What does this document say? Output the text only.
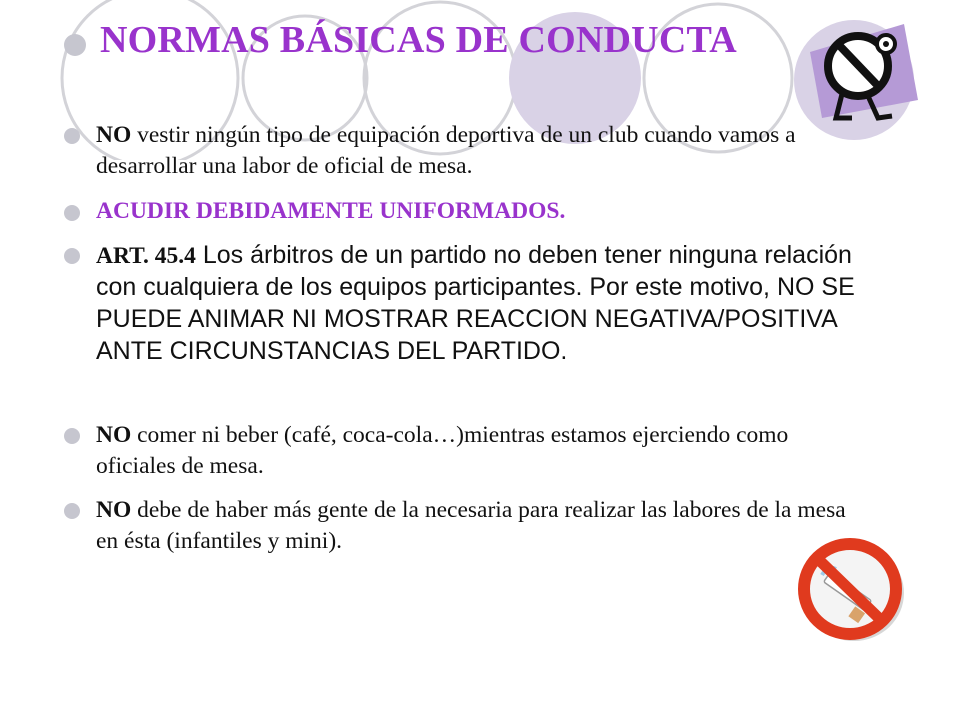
NORMAS BÁSICAS DE CONDUCTA
NO vestir ningún tipo de equipación deportiva de un club cuando vamos a desarrollar una labor de oficial de mesa.
ACUDIR DEBIDAMENTE UNIFORMADOS.
ART. 45.4 Los árbitros de un partido no deben tener ninguna relación con cualquiera de los equipos participantes. Por este motivo, NO SE PUEDE ANIMAR NI MOSTRAR REACCION NEGATIVA/POSITIVA ANTE CIRCUNSTANCIAS DEL PARTIDO.
NO comer ni beber (café, coca-cola…)mientras estamos ejerciendo como oficiales de mesa.
NO debe de haber más gente de la necesaria para realizar las labores de la mesa en ésta (infantiles y mini).
